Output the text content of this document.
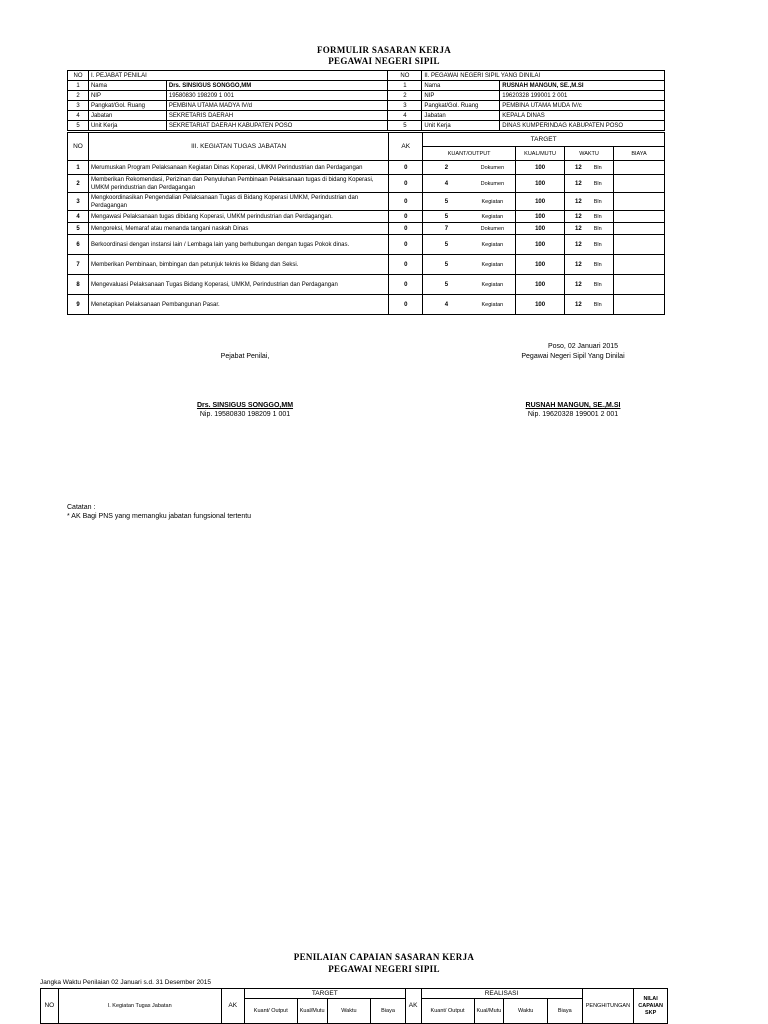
FORMULIR SASARAN KERJA
PEGAWAI NEGERI SIPIL
NO	I. PEJABAT PENILAI		NO	II. PEGAWAI NEGERI SIPIL YANG DINILAI	
1	Nama	Drs. SINSIGUS SONGGO,MM	1	Nama	RUSNAH MANGUN, SE.,M.SI
2	NIP	19580830 198209 1 001	2	NIP	19620328 199001 2 001
3	Pangkat/Gol. Ruang	PEMBINA UTAMA MADYA IV/d	3	Pangkat/Gol. Ruang	PEMBINA UTAMA MUDA IV/c
4	Jabatan	SEKRETARIS DAERAH	4	Jabatan	KEPALA DINAS
5	Unit Kerja	SEKRETARIAT DAERAH KABUPATEN POSO	5	Unit Kerja	DINAS KUMPERINDAG KABUPATEN POSO
NO	III. KEGIATAN TUGAS JABATAN	AK	TARGET				
			KUANT/OUTPUT		KUAL/MUTU	WAKTU	BIAYA
1	Merumuskan Program Pelaksanaan Kegiatan Dinas Koperasi, UMKM Perindustrian dan Perdagangan	0	2	Dokumen	100	12 Bln	
2	Memberikan Rekomendasi, Perizinan dan Penyuluhan Pembinaan Pelaksanaan tugas di bidang Koperasi, UMKM perindustrian dan Perdagangan	0	4	Dokumen	100	12 Bln	
3	Mengkoordinasikan Pengendalian Pelaksanaan Tugas di Bidang Koperasi UMKM, Perindustrian dan Perdagangan	0	5	Kegiatan	100	12 Bln	
4	Mengawasi Pelaksanaan tugas dibidang Koperasi, UMKM perindustrian dan Perdagangan.	0	5	Kegiatan	100	12 Bln	
5	Mengoreksi, Memaraf atau menanda tangani naskah Dinas	0	7	Dokumen	100	12 Bln	
6	Berkoordinasi dengan instansi lain / Lembaga lain yang berhubungan dengan tugas Pokok dinas.	0	5	Kegiatan	100	12 Bln	
7	Memberikan Pembinaan, bimbingan dan petunjuk teknis ke Bidang dan Seksi.	0	5	Kegiatan	100	12 Bln	
8	Mengevaluasi Pelaksanaan Tugas Bidang Koperasi, UMKM, Perindustrian dan Perdagangan	0	5	Kegiatan	100	12 Bln	
9	Menetapkan Pelaksanaan Pembangunan Pasar.	0	4	Kegiatan	100	12 Bln	
Poso, 02 Januari 2015
Pejabat Penilai,	Pegawai Negeri Sipil Yang Dinilai
Drs. SINSIGUS SONGGO,MM
Nip. 19580830 198209 1 001
RUSNAH MANGUN, SE.,M.SI
Nip. 19620328 199001 2 001
Catatan :
* AK Bagi PNS yang memangku jabatan fungsional tertentu
PENILAIAN CAPAIAN SASARAN KERJA
PEGAWAI NEGERI SIPIL
Jangka Waktu Penilaian 02 Januari s.d. 31 Desember 2015
NO	I. Kegiatan Tugas Jabatan	AK	TARGET				AK	REALISASI				PENGHITUNGAN	NILAI
CAPAIAN
SKP
			Kuant/ Output	Kual/Mutu	Waktu	Biaya		Kuant/ Output	Kual/Mutu	Waktu	Biaya		
